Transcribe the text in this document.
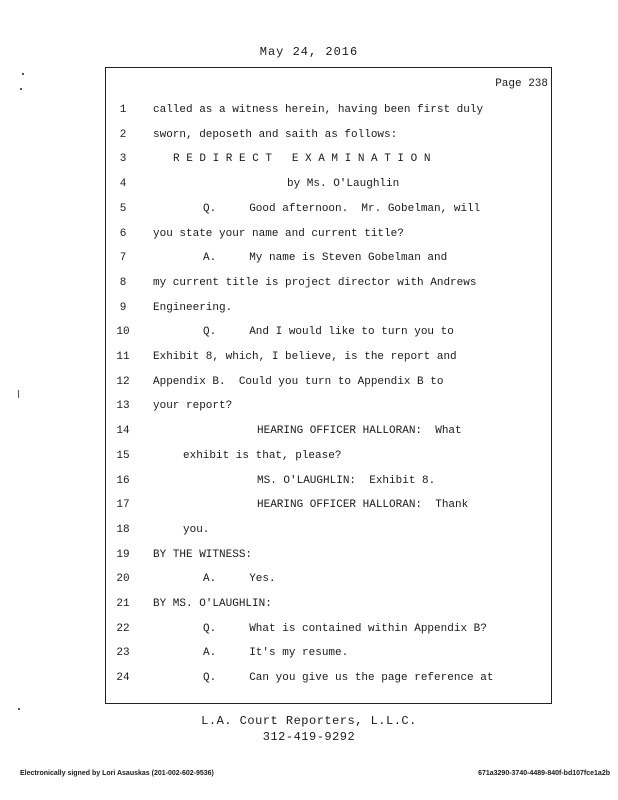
May 24, 2016
Page 238
1	called as a witness herein, having been first duly
2	sworn, deposeth and saith as follows:
3	R E D I R E C T   E X A M I N A T I O N
4	by Ms. O'Laughlin
5	Q.     Good afternoon.  Mr. Gobelman, will
6	you state your name and current title?
7	A.     My name is Steven Gobelman and
8	my current title is project director with Andrews
9	Engineering.
10	Q.     And I would like to turn you to
11	Exhibit 8, which, I believe, is the report and
12	Appendix B.  Could you turn to Appendix B to
13	your report?
14	HEARING OFFICER HALLORAN:  What
15	exhibit is that, please?
16	MS. O'LAUGHLIN:  Exhibit 8.
17	HEARING OFFICER HALLORAN:  Thank
18	you.
19	BY THE WITNESS:
20	A.     Yes.
21	BY MS. O'LAUGHLIN:
22	Q.     What is contained within Appendix B?
23	A.     It's my resume.
24	Q.     Can you give us the page reference at
L.A. Court Reporters, L.L.C.
312-419-9292
Electronically signed by Lori Asauskas (201-002-602-9536)	671a3290-3740-4489-840f-bd107fce1a2b
